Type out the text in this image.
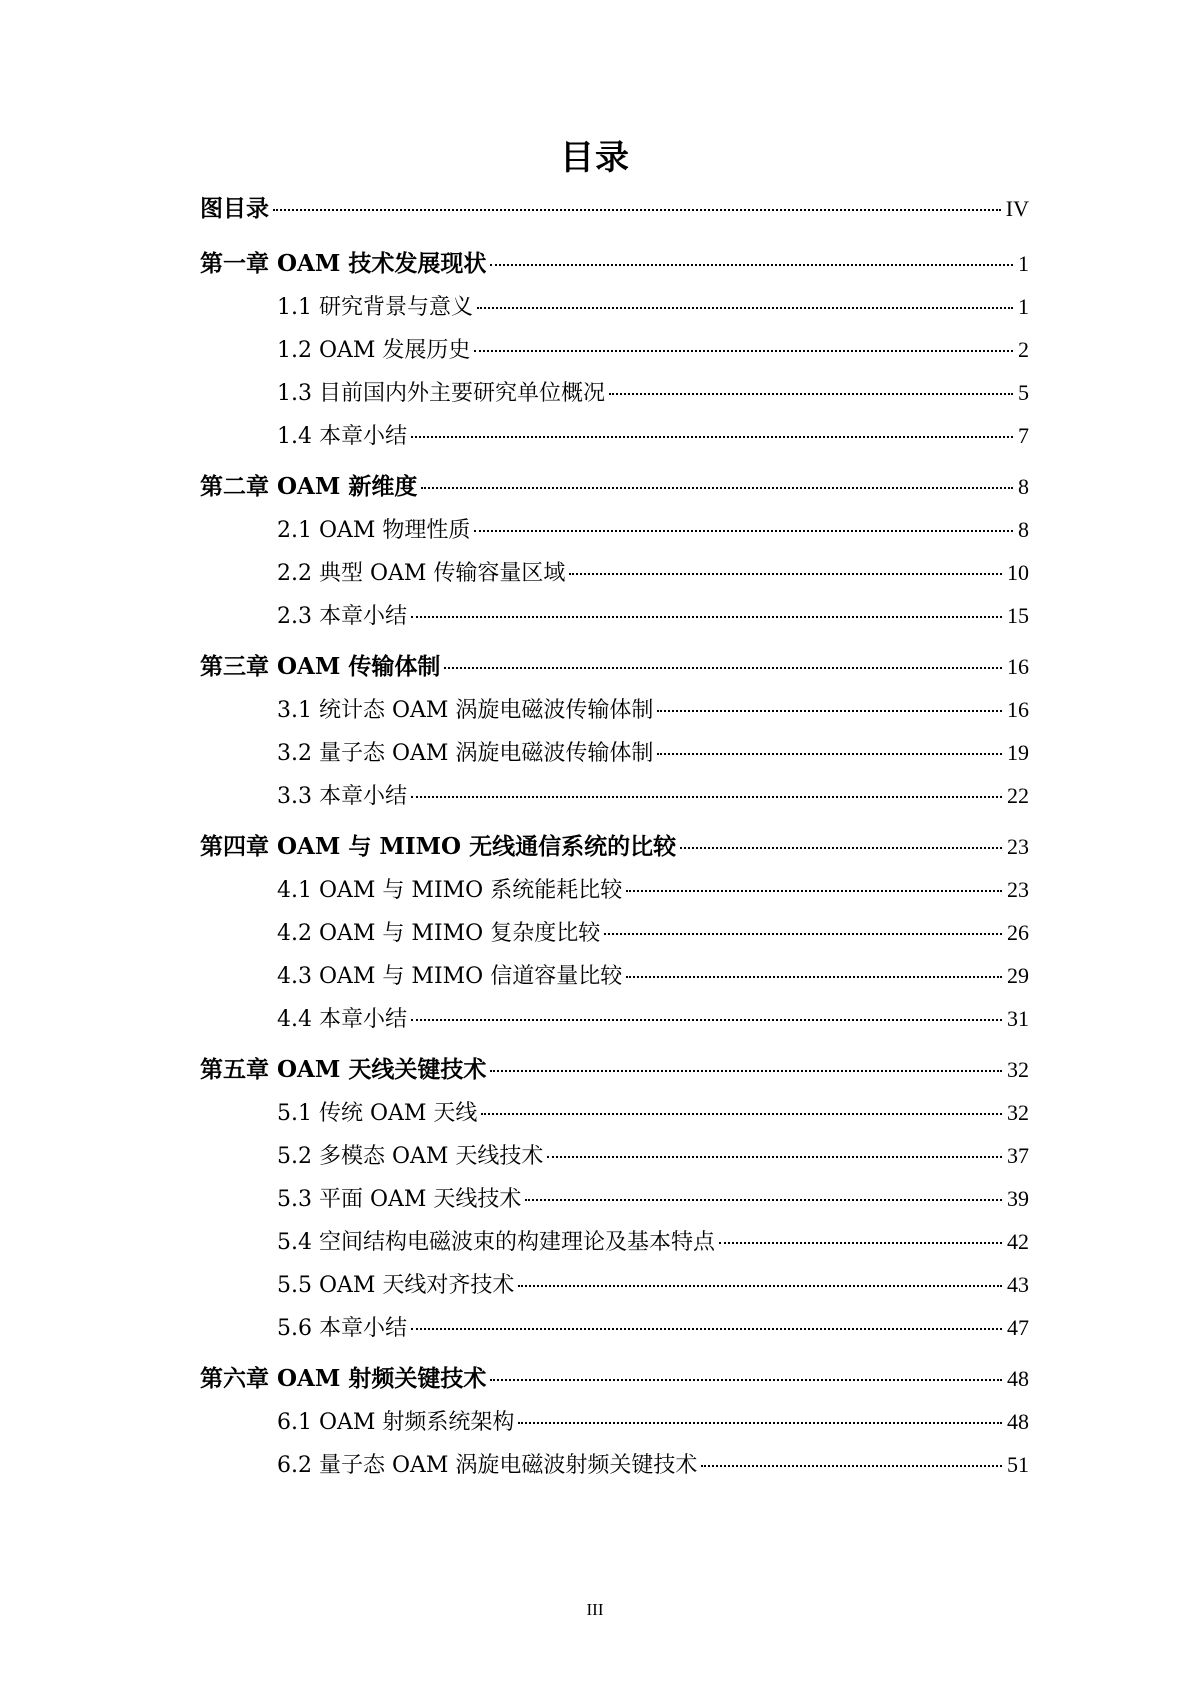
目录
图目录	IV
第一章 OAM 技术发展现状	1
1.1 研究背景与意义	1
1.2 OAM 发展历史	2
1.3 目前国内外主要研究单位概况	5
1.4 本章小结	7
第二章 OAM 新维度	8
2.1 OAM 物理性质	8
2.2 典型 OAM 传输容量区域	10
2.3 本章小结	15
第三章 OAM 传输体制	16
3.1 统计态 OAM 涡旋电磁波传输体制	16
3.2 量子态 OAM 涡旋电磁波传输体制	19
3.3 本章小结	22
第四章 OAM 与 MIMO 无线通信系统的比较	23
4.1 OAM 与 MIMO 系统能耗比较	23
4.2 OAM 与 MIMO 复杂度比较	26
4.3 OAM 与 MIMO 信道容量比较	29
4.4 本章小结	31
第五章 OAM 天线关键技术	32
5.1 传统 OAM 天线	32
5.2 多模态 OAM 天线技术	37
5.3 平面 OAM 天线技术	39
5.4 空间结构电磁波束的构建理论及基本特点	42
5.5 OAM 天线对齐技术	43
5.6 本章小结	47
第六章 OAM 射频关键技术	48
6.1 OAM 射频系统架构	48
6.2 量子态 OAM 涡旋电磁波射频关键技术	51
III
